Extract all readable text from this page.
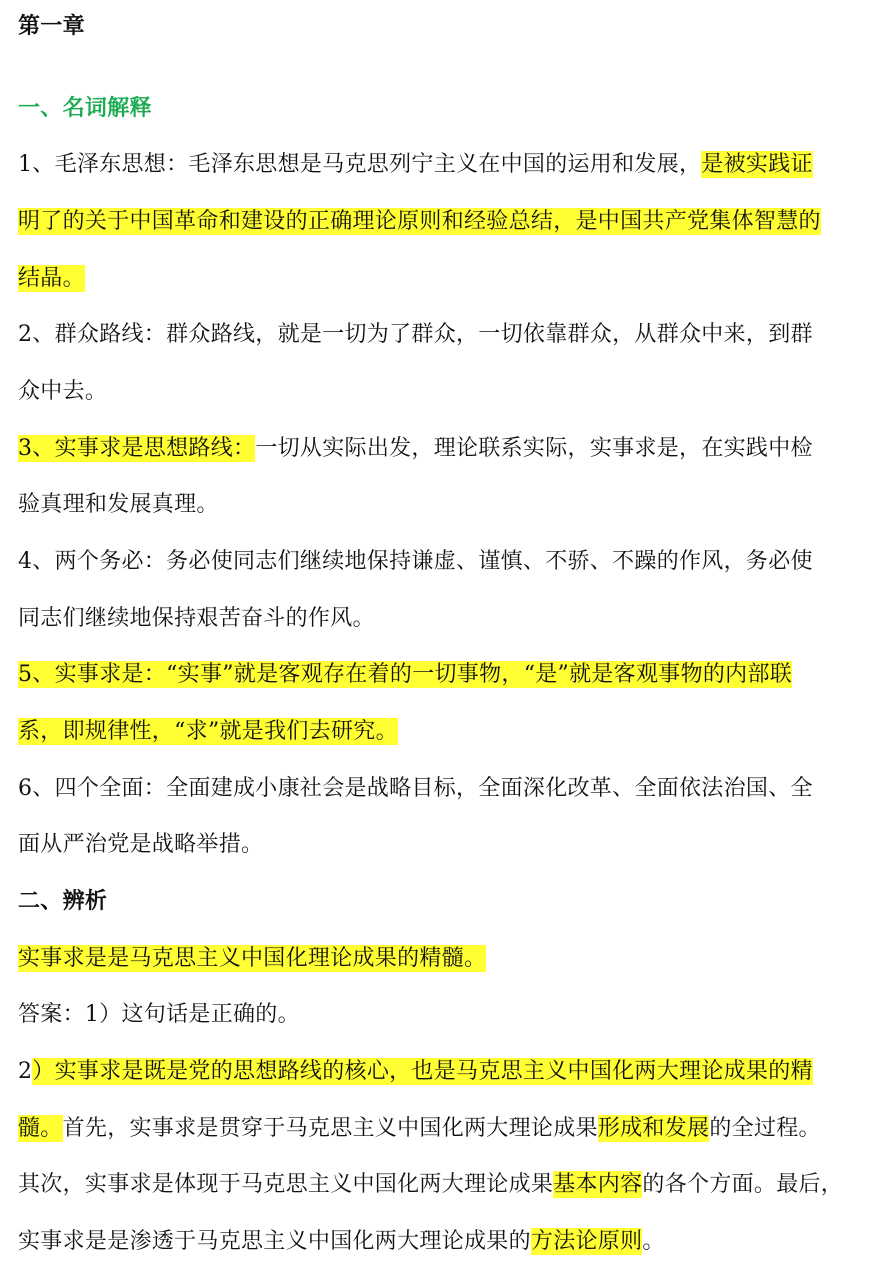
第一章
一、名词解释
1、毛泽东思想：毛泽东思想是马克思列宁主义在中国的运用和发展，是被实践证
明了的关于中国革命和建设的正确理论原则和经验总结，是中国共产党集体智慧的
结晶。
2、群众路线：群众路线，就是一切为了群众，一切依靠群众，从群众中来，到群
众中去。
3、实事求是思想路线：一切从实际出发，理论联系实际，实事求是，在实践中检
验真理和发展真理。
4、两个务必：务必使同志们继续地保持谦虚、谨慎、不骄、不躁的作风，务必使
同志们继续地保持艰苦奋斗的作风。
5、实事求是：“实事”就是客观存在着的一切事物，“是”就是客观事物的内部联
系，即规律性，“求”就是我们去研究。
6、四个全面：全面建成小康社会是战略目标，全面深化改革、全面依法治国、全
面从严治党是战略举措。
二、辨析
实事求是是马克思主义中国化理论成果的精髓。
答案：1）这句话是正确的。
2）实事求是既是党的思想路线的核心，也是马克思主义中国化两大理论成果的精
髓。首先，实事求是贯穿于马克思主义中国化两大理论成果形成和发展的全过程。
其次，实事求是体现于马克思主义中国化两大理论成果基本内容的各个方面。最后，
实事求是是渗透于马克思主义中国化两大理论成果的方法论原则。
